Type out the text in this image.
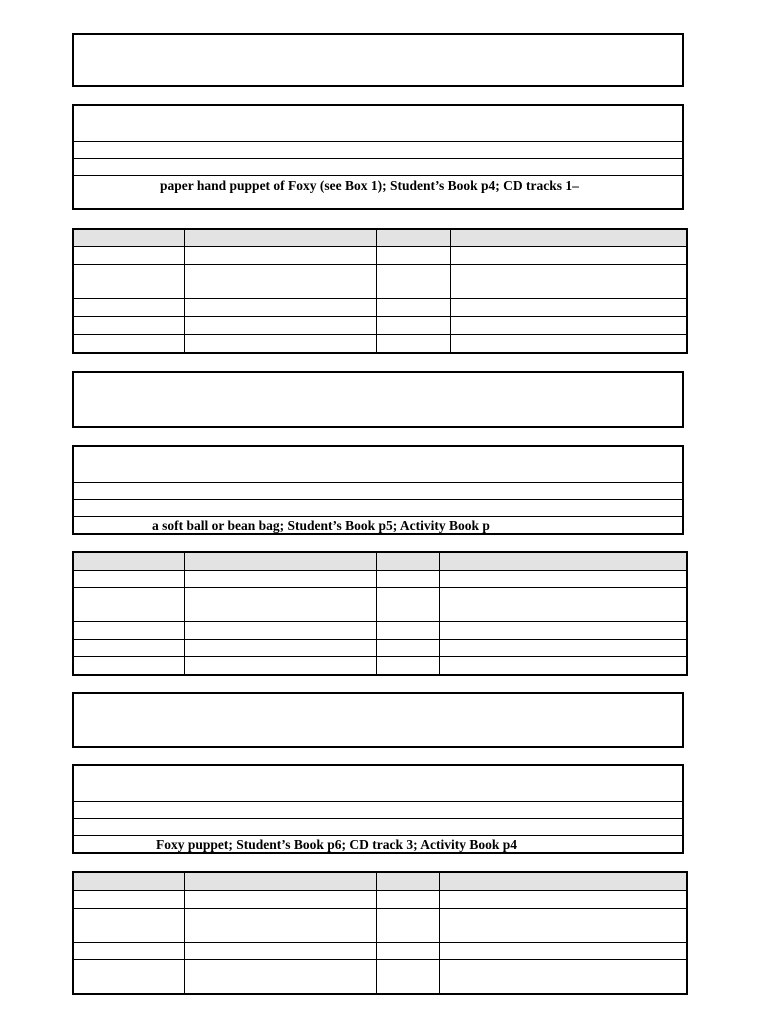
paper hand puppet of Foxy (see Box 1); Student’s Book p4; CD tracks 1–

a soft ball or bean bag; Student’s Book p5; Activity Book p

Foxy puppet; Student’s Book p6; CD track 3; Activity Book p4
